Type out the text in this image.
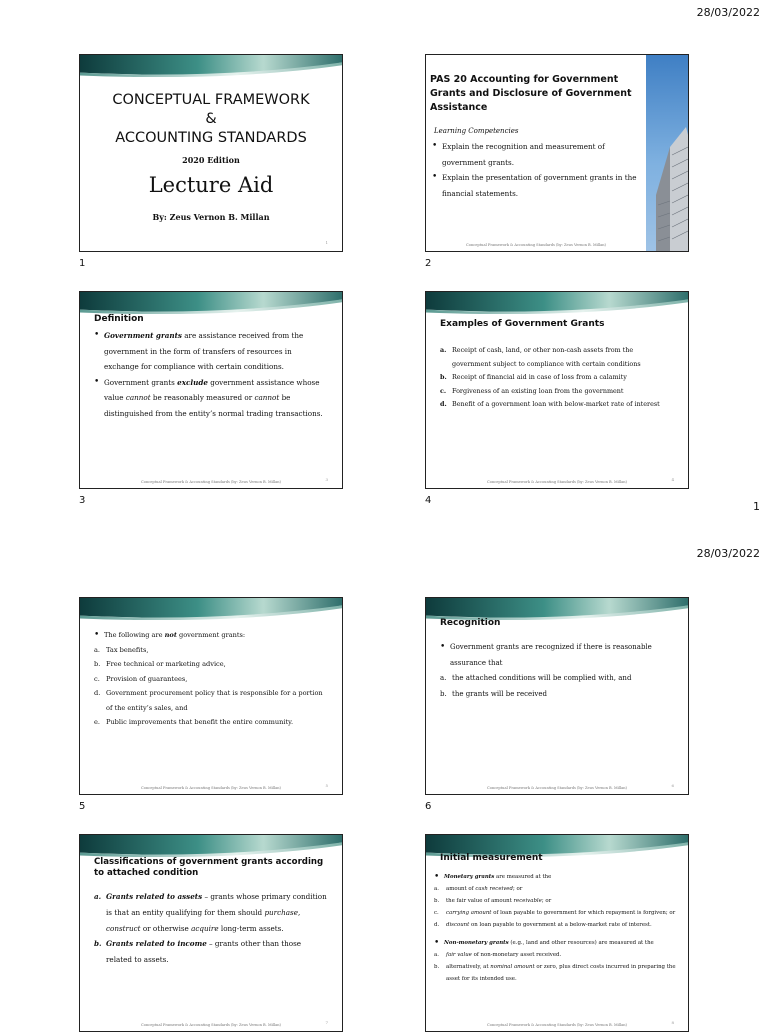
28/03/2022
CONCEPTUAL FRAMEWORK
&
ACCOUNTING STANDARDS
2020 Edition
Lecture Aid
By: Zeus Vernon B. Millan
1
1
PAS 20 Accounting for Government Grants and Disclosure of Government Assistance
Learning Competencies
• Explain the recognition and measurement of government grants.
• Explain the presentation of government grants in the financial statements.
Conceptual Framework & Accounting Standards (by: Zeus Vernon B. Millan)
2
Definition
• Government grants are assistance received from the government in the form of transfers of resources in exchange for compliance with certain conditions.
• Government grants exclude government assistance whose value cannot be reasonably measured or cannot be distinguished from the entity’s normal trading transactions.
Conceptual Framework & Accounting Standards (by: Zeus Vernon B. Millan)	3
3
Examples of Government Grants
a. Receipt of cash, land, or other non-cash assets from the government subject to compliance with certain conditions
b. Receipt of financial aid in case of loss from a calamity
c. Forgiveness of an existing loan from the government
d. Benefit of a government loan with below-market rate of interest
Conceptual Framework & Accounting Standards (by: Zeus Vernon B. Millan)	4
4	1
28/03/2022
• The following are not government grants:
a. Tax benefits,
b. Free technical or marketing advice,
c. Provision of guarantees,
d. Government procurement policy that is responsible for a portion of the entity’s sales, and
e. Public improvements that benefit the entire community.
Conceptual Framework & Accounting Standards (by: Zeus Vernon B. Millan)	5
5
Recognition
• Government grants are recognized if there is reasonable assurance that
a. the attached conditions will be complied with, and
b. the grants will be received
Conceptual Framework & Accounting Standards (by: Zeus Vernon B. Millan)	6
6
Classifications of government grants according to attached condition
a. Grants related to assets – grants whose primary condition is that an entity qualifying for them should purchase, construct or otherwise acquire long-term assets.
b. Grants related to income – grants other than those related to assets.
Conceptual Framework & Accounting Standards (by: Zeus Vernon B. Millan)	7
Initial measurement
• Monetary grants are measured at the
a.	amount of cash received; or
b.	the fair value of amount receivable; or
c.	carrying amount of loan payable to government for which repayment is forgiven; or
d.	discount on loan payable to government at a below-market rate of interest.
• Non-monetary grants (e.g., land and other resources) are measured at the
a.	fair value of non-monetary asset received.
b.	alternatively, at nominal amount or zero, plus direct costs incurred in preparing the asset for its intended use.
Conceptual Framework & Accounting Standards (by: Zeus Vernon B. Millan)	8
